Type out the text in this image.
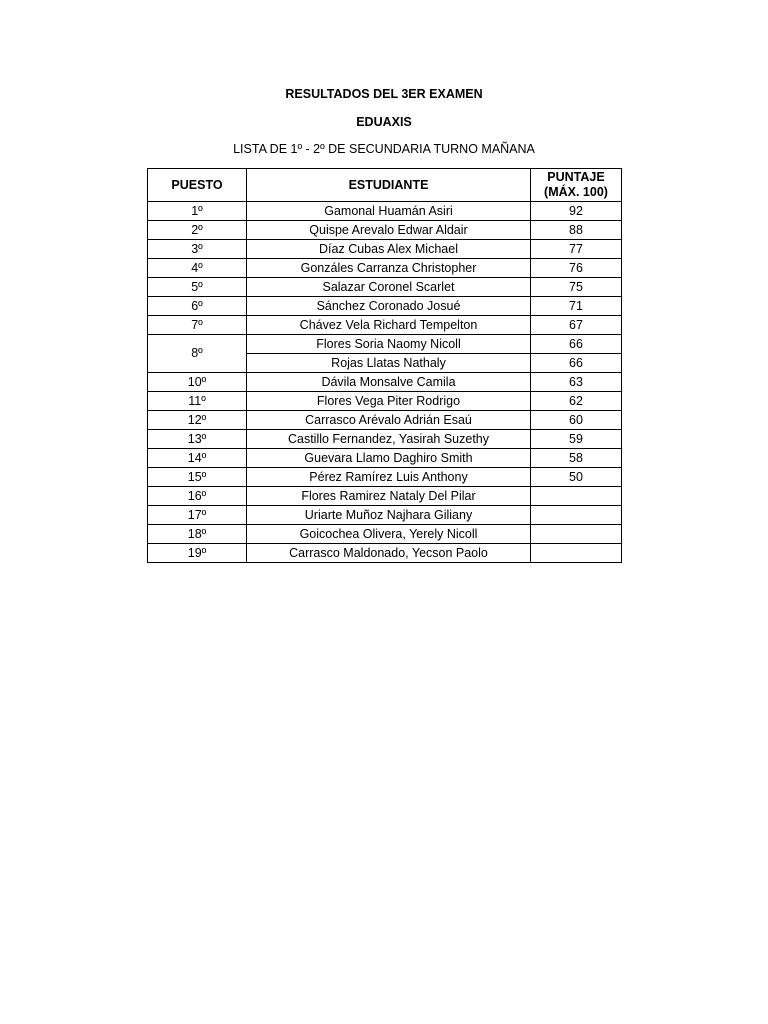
RESULTADOS DEL 3ER EXAMEN
EDUAXIS
LISTA DE 1º - 2º DE SECUNDARIA TURNO MAÑANA
PUESTO	ESTUDIANTE	PUNTAJE
(MÁX. 100)
1º	Gamonal Huamán Asiri	92
2º	Quispe Arevalo Edwar Aldair	88
3º	Díaz Cubas Alex Michael	77
4º	Gonzáles Carranza Christopher	76
5º	Salazar Coronel Scarlet	75
6º	Sánchez Coronado Josué	71
7º	Chávez Vela Richard Tempelton	67
8º	Flores Soria Naomy Nicoll	66
	Rojas Llatas Nathaly	66
10º	Dávila Monsalve Camila	63
11º	Flores Vega Piter Rodrigo	62
12º	Carrasco Arévalo Adrián Esaú	60
13º	Castillo Fernandez, Yasirah Suzethy	59
14º	Guevara Llamo Daghiro Smith	58
15º	Pérez Ramírez Luis Anthony	50
16º	Flores Ramirez Nataly Del Pilar	
17º	Uriarte Muñoz Najhara Giliany	
18º	Goicochea Olivera, Yerely Nicoll	
19º	Carrasco Maldonado, Yecson Paolo	
